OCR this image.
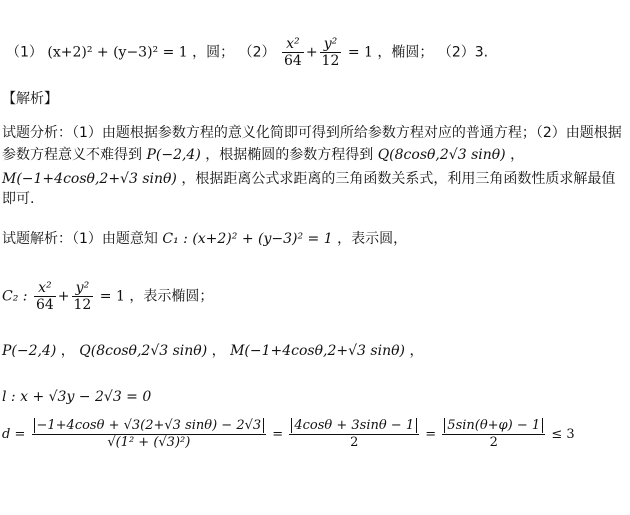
（1） (x+2)² + (y−3)² = 1 ，圆； $(2) \frac{\text{x²}}{64} + \frac{\text{y²}}{12} = 1$ ，椭圆； （2）3.
【解析】
试题分析：（1）由题根据参数方程的意义化简即可得到所给参数方程对应的普通方程；（2）由题根据
参数方程意义不难得到 P(−2,4) ，根据椭圆的参数方程得到 Q(8cosθ,2√3 sinθ) ，
M(−1+4cosθ,2+√3 sinθ) ，根据距离公式求距离的三角函数关系式，利用三角函数性质求解最值
即可.
试题解析：（1）由题意知 C₁ : (x+2)² + (y−3)² = 1 ，表示圆，
C₂ : $\frac{\text{x²}}{64} + \frac{\text{y²}}{12} = 1$ ，表示椭圆；
P(−2,4) ， Q(8cosθ,2√3 sinθ) ， M(−1+4cosθ,2+√3 sinθ) ，
l : x + √3y − 2√3 = 0
$d = \frac{-1+4\cos\theta + √3(2+√3 \sin\theta) - 2√3}{\text{√(1² + (√3)²)}} = \frac{4\cos\theta + 3\sin\theta - 1}{2} = \frac{5\sin(\theta+\varphi) - 1}{2} \le 3$
